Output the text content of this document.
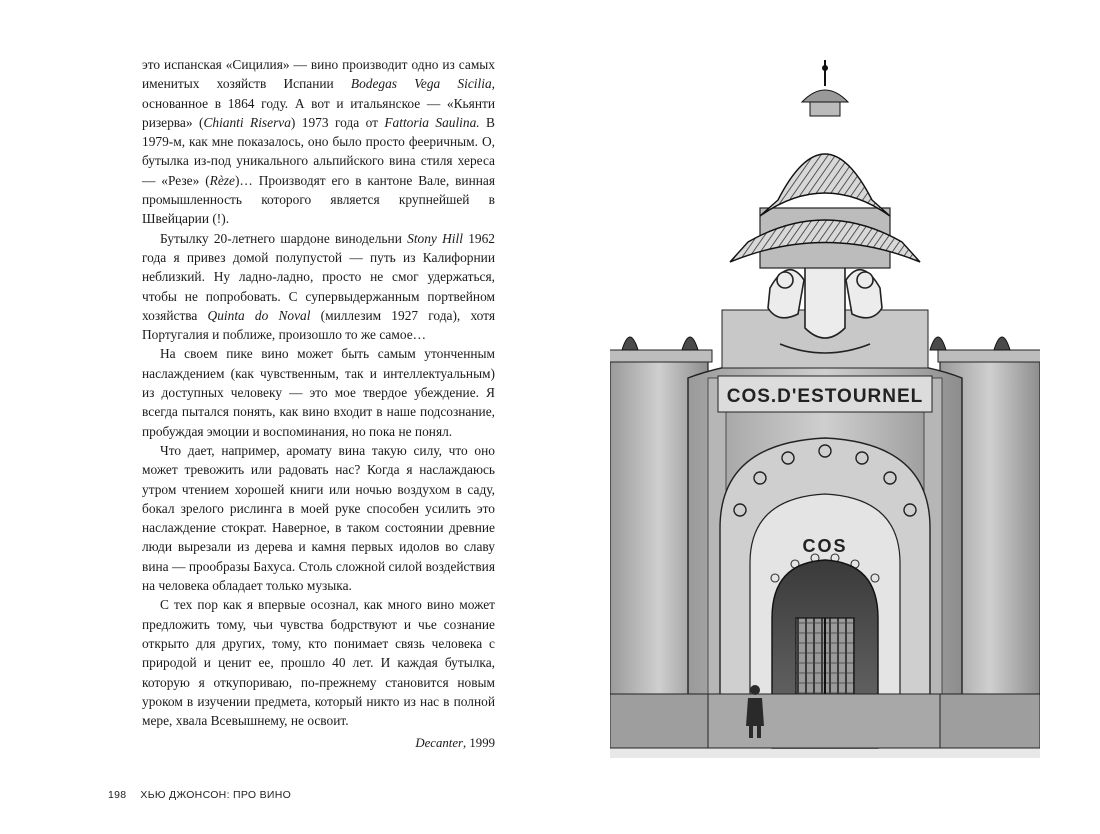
это испанская «Сицилия» — вино производит одно из самых именитых хозяйств Испании Bodegas Vega Sicilia, основанное в 1864 году. А вот и итальянское — «Кьянти ризерва» (Chianti Riserva) 1973 года от Fattoria Saulina. В 1979-м, как мне показалось, оно было просто фееричным. О, бутылка из-под уникального альпийского вина стиля хереса — «Резе» (Rèze)… Производят его в кантоне Вале, винная промышленность которого является крупнейшей в Швейцарии (!).

Бутылку 20-летнего шардоне винодельни Stony Hill 1962 года я привез домой полупустой — путь из Калифорнии неблизкий. Ну ладно-ладно, просто не смог удержаться, чтобы не попробовать. С супервыдержанным портвейном хозяйства Quinta do Noval (миллезим 1927 года), хотя Португалия и поближе, произошло то же самое…

На своем пике вино может быть самым утонченным наслаждением (как чувственным, так и интеллектуальным) из доступных человеку — это мое твердое убеждение. Я всегда пытался понять, как вино входит в наше подсознание, пробуждая эмоции и воспоминания, но пока не понял.

Что дает, например, аромату вина такую силу, что оно может тревожить или радовать нас? Когда я наслаждаюсь утром чтением хорошей книги или ночью воздухом в саду, бокал зрелого рислинга в моей руке способен усилить это наслаждение стократ. Наверное, в таком состоянии древние люди вырезали из дерева и камня первых идолов во славу вина — прообразы Бахуса. Столь сложной силой воздействия на человека обладает только музыка.

С тех пор как я впервые осознал, как много вино может предложить тому, чьи чувства бодрствуют и чье сознание открыто для других, тому, кто понимает связь человека с природой и ценит ее, прошло 40 лет. И каждая бутылка, которую я откупориваю, по-прежнему становится новым уроком в изучении предмета, который никто из нас в полной мере, хвала Всевышнему, не освоит.

Decanter, 1999
198 ХЬЮ ДЖОНСОН: ПРО ВИНО
COS.D'ESTOURNEL
COS
